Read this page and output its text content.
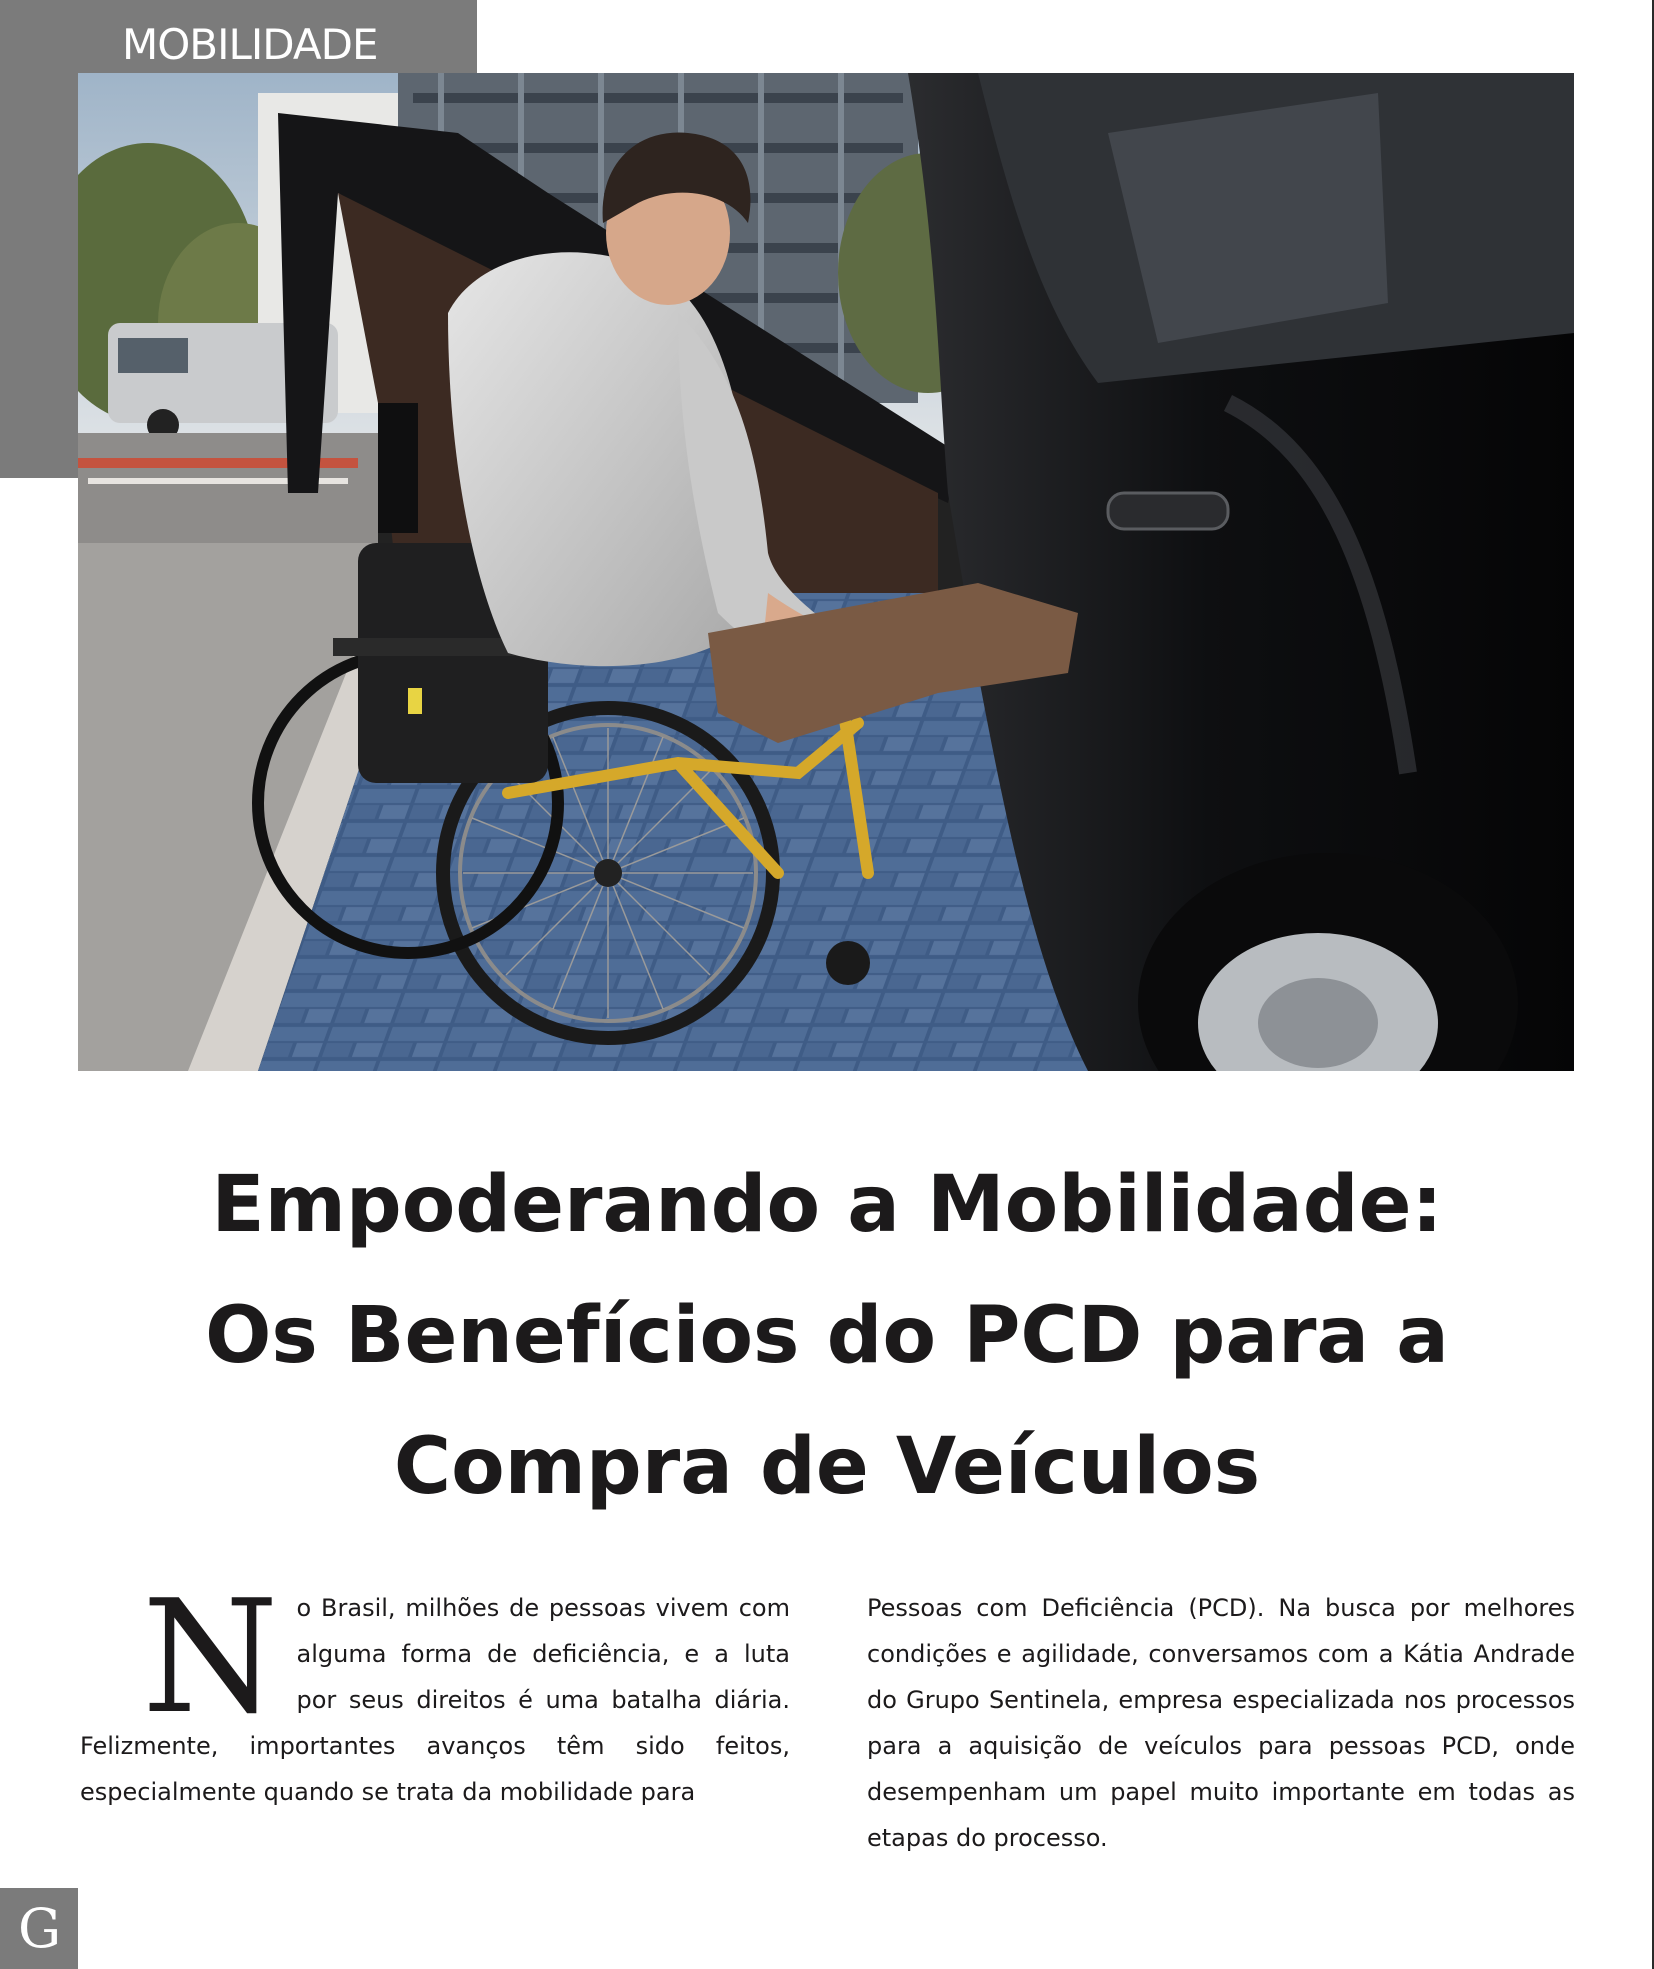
MOBILIDADE
Empoderando a Mobilidade:
Os Benefícios do PCD para a
Compra de Veículos
N o Brasil, milhões de pessoas vivem com alguma forma de deficiência, e a luta por seus direitos é uma batalha diária. Felizmente, importantes avanços têm sido feitos, especialmente quando se trata da mobilidade para
Pessoas com Deficiência (PCD). Na busca por melhores condições e agilidade, conversamos com a Kátia Andrade do Grupo Sentinela, empresa especializada nos processos para a aquisição de veículos para pessoas PCD, onde desempenham um papel muito importante em todas as etapas do processo.
G
